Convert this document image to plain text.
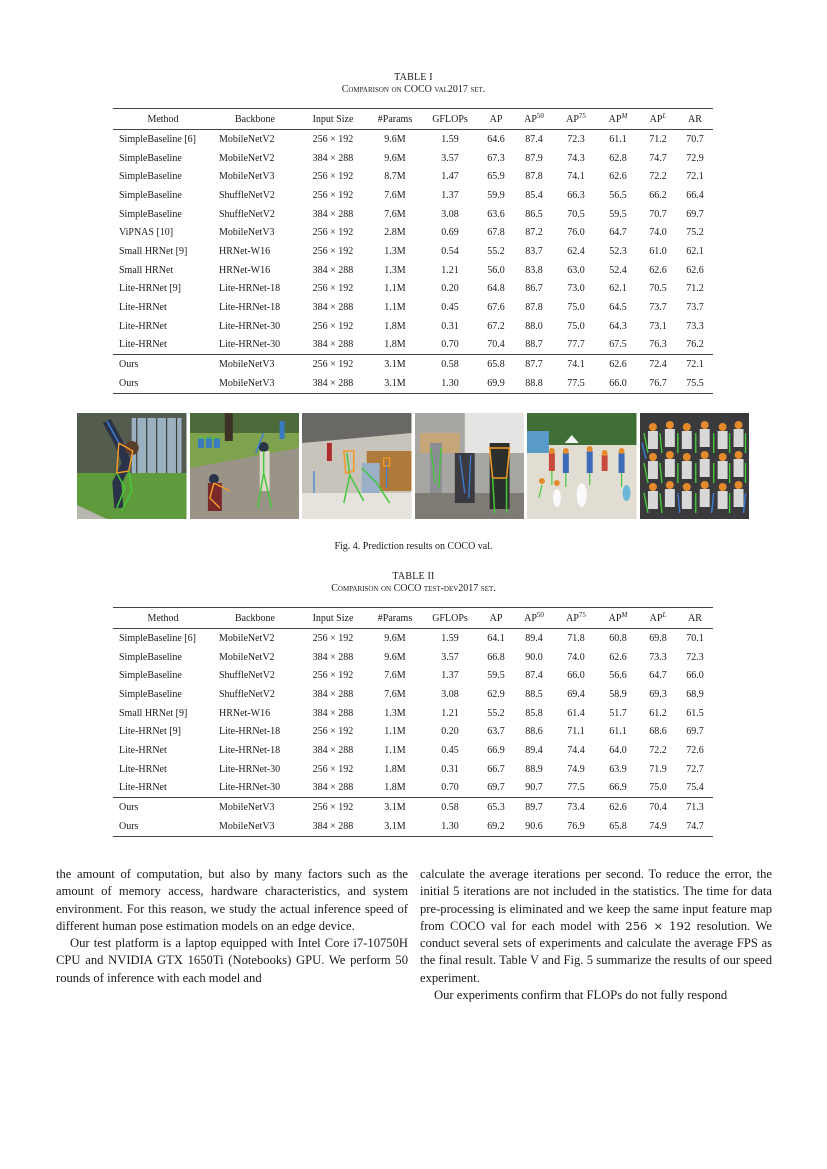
TABLE I
Comparison on COCO val2017 set.
Method	Backbone	Input Size	#Params	GFLOPs	AP	AP$^{50}$	AP$^{75}$	$AP^M$	$AP^L$	AR
SimpleBaseline [6]	MobileNetV2	256 × 192	9.6M	1.59	64.6	87.4	72.3	61.1	71.2	70.7
SimpleBaseline	MobileNetV2	384 × 288	9.6M	3.57	67.3	87.9	74.3	62.8	74.7	72.9
SimpleBaseline	MobileNetV3	256 × 192	8.7M	1.47	65.9	87.8	74.1	62.6	72.2	72.1
SimpleBaseline	ShuffleNetV2	256 × 192	7.6M	1.37	59.9	85.4	66.3	56.5	66.2	66.4
SimpleBaseline	ShuffleNetV2	384 × 288	7.6M	3.08	63.6	86.5	70.5	59.5	70.7	69.7
ViPNAS [10]	MobileNetV3	256 × 192	2.8M	0.69	67.8	87.2	76.0	64.7	74.0	75.2
Small HRNet [9]	HRNet-W16	256 × 192	1.3M	0.54	55.2	83.7	62.4	52.3	61.0	62.1
Small HRNet	HRNet-W16	384 × 288	1.3M	1.21	56.0	83.8	63.0	52.4	62.6	62.6
Lite-HRNet [9]	Lite-HRNet-18	256 × 192	1.1M	0.20	64.8	86.7	73.0	62.1	70.5	71.2
Lite-HRNet	Lite-HRNet-18	384 × 288	1.1M	0.45	67.6	87.8	75.0	64.5	73.7	73.7
Lite-HRNet	Lite-HRNet-30	256 × 192	1.8M	0.31	67.2	88.0	75.0	64.3	73.1	73.3
Lite-HRNet	Lite-HRNet-30	384 × 288	1.8M	0.70	70.4	88.7	77.7	67.5	76.3	76.2
Ours	MobileNetV3	256 × 192	3.1M	0.58	65.8	87.7	74.1	62.6	72.4	72.1
Ours	MobileNetV3	384 × 288	3.1M	1.30	69.9	88.8	77.5	66.0	76.7	75.5
Fig. 4. Prediction results on COCO val.
TABLE II
Comparison on COCO test-dev2017 set.
Method	Backbone	Input Size	#Params	GFLOPs	AP	AP$^{50}$	AP$^{75}$	$AP^M$	$AP^L$	AR
SimpleBaseline [6]	MobileNetV2	256 × 192	9.6M	1.59	64.1	89.4	71.8	60.8	69.8	70.1
SimpleBaseline	MobileNetV2	384 × 288	9.6M	3.57	66.8	90.0	74.0	62.6	73.3	72.3
SimpleBaseline	ShuffleNetV2	256 × 192	7.6M	1.37	59.5	87.4	66.0	56.6	64.7	66.0
SimpleBaseline	ShuffleNetV2	384 × 288	7.6M	3.08	62.9	88.5	69.4	58.9	69.3	68.9
Small HRNet [9]	HRNet-W16	384 × 288	1.3M	1.21	55.2	85.8	61.4	51.7	61.2	61.5
Lite-HRNet [9]	Lite-HRNet-18	256 × 192	1.1M	0.20	63.7	88.6	71.1	61.1	68.6	69.7
Lite-HRNet	Lite-HRNet-18	384 × 288	1.1M	0.45	66.9	89.4	74.4	64.0	72.2	72.6
Lite-HRNet	Lite-HRNet-30	256 × 192	1.8M	0.31	66.7	88.9	74.9	63.9	71.9	72.7
Lite-HRNet	Lite-HRNet-30	384 × 288	1.8M	0.70	69.7	90.7	77.5	66.9	75.0	75.4
Ours	MobileNetV3	256 × 192	3.1M	0.58	65.3	89.7	73.4	62.6	70.4	71.3
Ours	MobileNetV3	384 × 288	3.1M	1.30	69.2	90.6	76.9	65.8	74.9	74.7

the amount of computation, but also by many factors such as the amount of memory access, hardware characteristics, and system environment. For this reason, we study the actual inference speed of different human pose estimation models on an edge device.

Our test platform is a laptop equipped with Intel Core i7-10750H CPU and NVIDIA GTX 1650Ti (Notebooks) GPU. We perform 50 rounds of inference with each model and

calculate the average iterations per second. To reduce the error, the initial 5 iterations are not included in the statistics. The time for data pre-processing is eliminated and we keep the same input feature map from COCO val for each model with 256 × 192 resolution. We conduct several sets of experiments and calculate the average FPS as the final result. Table V and Fig. 5 summarize the results of our speed experiment.

Our experiments confirm that FLOPs do not fully respond
